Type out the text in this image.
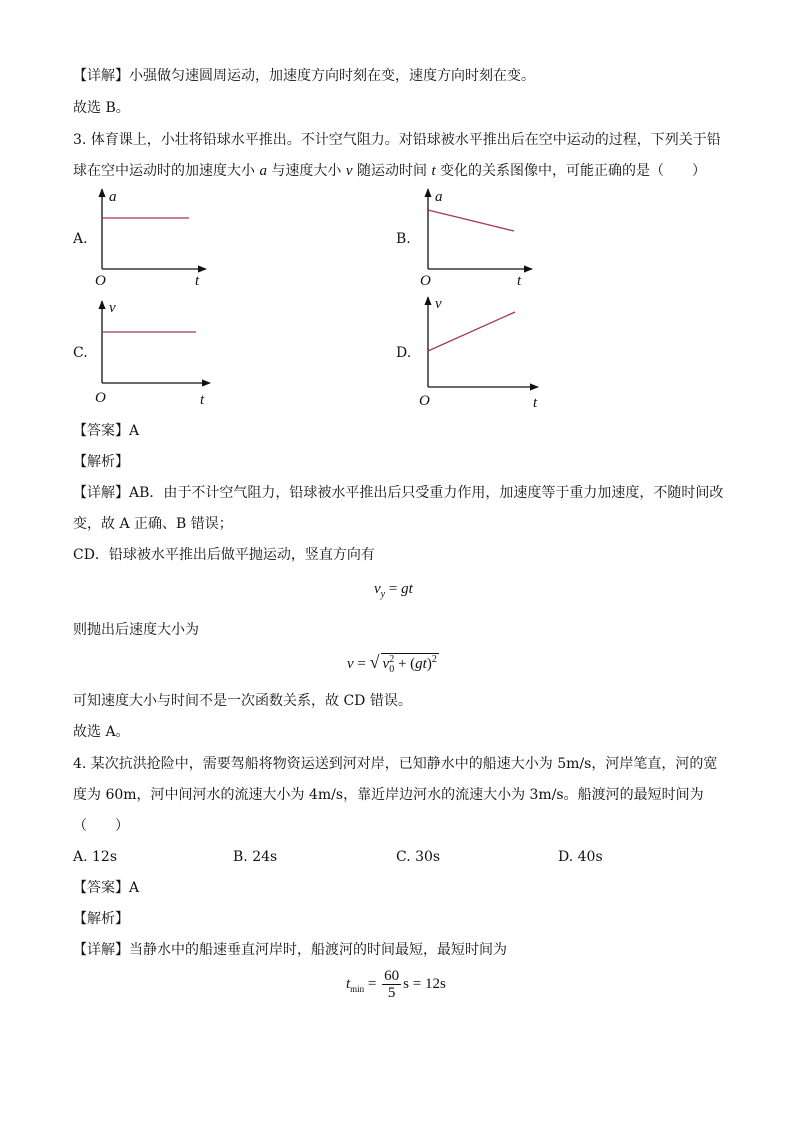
【详解】小强做匀速圆周运动，加速度方向时刻在变，速度方向时刻在变。
故选 B。
3. 体育课上，小壮将铅球水平推出。不计空气阻力。对铅球被水平推出后在空中运动的过程，下列关于铅
球在空中运动时的加速度大小 a 与速度大小 v 随运动时间 t 变化的关系图像中，可能正确的是（　　）
A.
a
O	t
B.
a
O	t
C.
v
O	t
D.
v
O	t
【答案】A
【解析】
【详解】AB．由于不计空气阻力，铅球被水平推出后只受重力作用，加速度等于重力加速度，不随时间改
变，故 A 正确、B 错误；
CD．铅球被水平推出后做平抛运动，竖直方向有
$v_y$ = gt
则抛出后速度大小为
v = √ $v_0^2 + (gt)^2$
可知速度大小与时间不是一次函数关系，故 CD 错误。
故选 A。
4. 某次抗洪抢险中，需要驾船将物资运送到河对岸，已知静水中的船速大小为 5m/s，河岸笔直，河的宽
度为 60m，河中间河水的流速大小为 4m/s，靠近岸边河水的流速大小为 3m/s。船渡河的最短时间为
（　　）
A. 12s	B. 24s	C. 30s	D. 40s
【答案】A
【解析】
【详解】当静水中的船速垂直河岸时，船渡河的时间最短，最短时间为
$t_{min} = \frac{60}{5}$ s = 12s
